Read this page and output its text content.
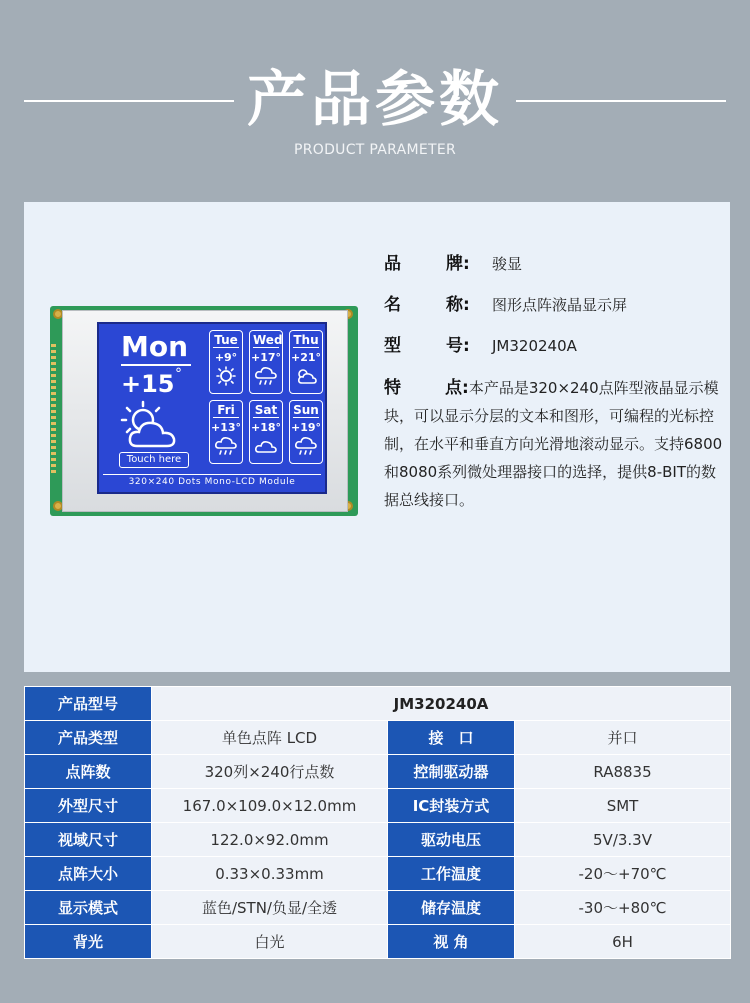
产品参数
PRODUCT PARAMETER
Mon
+15 °
Touch here
Tue
+9°
Wed
+17°
Thu
+21°
Fri
+13°
Sat
+18°
Sun
+19°
320×240 Dots Mono-LCD Module
品	牌: 骏显
名	称: 图形点阵液晶显示屏
型	号: JM320240A
特	点:本产品是320×240点阵型液晶显示模块，可以显示分层的文本和图形，可编程的光标控制，在水平和垂直方向光滑地滚动显示。支持6800和8080系列微处理器接口的选择，提供8-BIT的数据总线接口。
产品型号	JM320240A		
产品类型	单色点阵 LCD	接　口	并口
点阵数	320列×240行点数	控制驱动器	RA8835
外型尺寸	167.0×109.0×12.0mm	IC封装方式	SMT
视域尺寸	122.0×92.0mm	驱动电压	5V/3.3V
点阵大小	0.33×0.33mm	工作温度	-20～+70℃
显示模式	蓝色/STN/负显/全透	储存温度	-30～+80℃
背光	白光	视 角	6H
